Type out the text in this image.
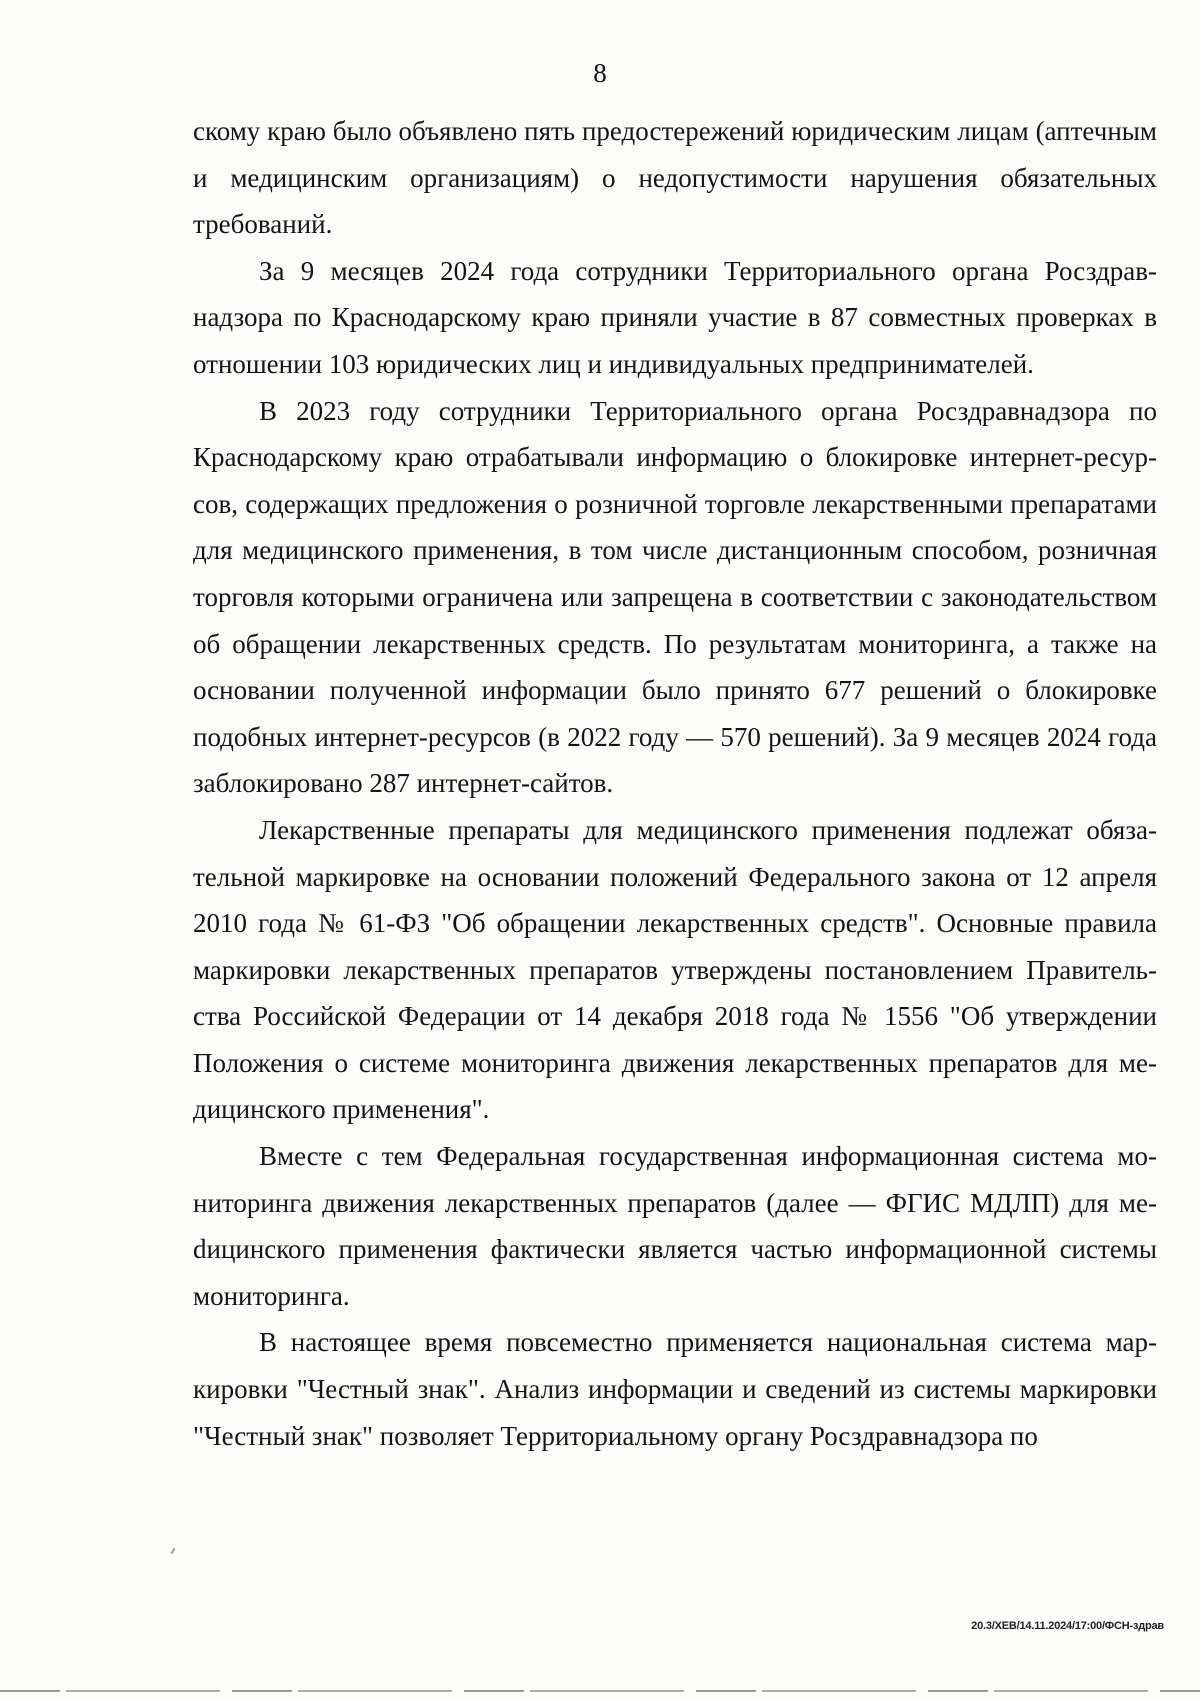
8

скому краю было объявлено пять предостережений юридическим лицам (аптечным и медицинским организациям) о недопустимости нарушения обязательных требований.

За 9 месяцев 2024 года сотрудники Территориального органа Росздравнадзора по Краснодарскому краю приняли участие в 87 совместных проверках в отношении 103 юридических лиц и индивидуальных предпринимателей.

В 2023 году сотрудники Территориального органа Росздравнадзора по Краснодарскому краю отрабатывали информацию о блокировке интернет-ресурсов, содержащих предложения о розничной торговле лекарственными препаратами для медицинского применения, в том числе дистанционным способом, розничная торговля которыми ограничена или запрещена в соответствии с законодательством об обращении лекарственных средств. По результатам мониторинга, а также на основании полученной информации было принято 677 решений о блокировке подобных интернет-ресурсов (в 2022 году — 570 решений). За 9 месяцев 2024 года заблокировано 287 интернет-сайтов.

Лекарственные препараты для медицинского применения подлежат обязательной маркировке на основании положений Федерального закона от 12 апреля 2010 года № 61-ФЗ "Об обращении лекарственных средств". Основные правила маркировки лекарственных препаратов утверждены постановлением Правительства Российской Федерации от 14 декабря 2018 года № 1556 "Об утверждении Положения о системе мониторинга движения лекарственных препаратов для медицинского применения".

Вместе с тем Федеральная государственная информационная система мониторинга движения лекарственных препаратов (далее — ФГИС МДЛП) для меdицинского применения фактически является частью информационной системы мониторинга.

В настоящее время повсеместно применяется национальная система маркировки "Честный знак". Анализ информации и сведений из системы маркировки "Честный знак" позволяет Территориальному органу Росздравнадзора по

20.3/ХЕВ/14.11.2024/17:00/ФСН-здрав
